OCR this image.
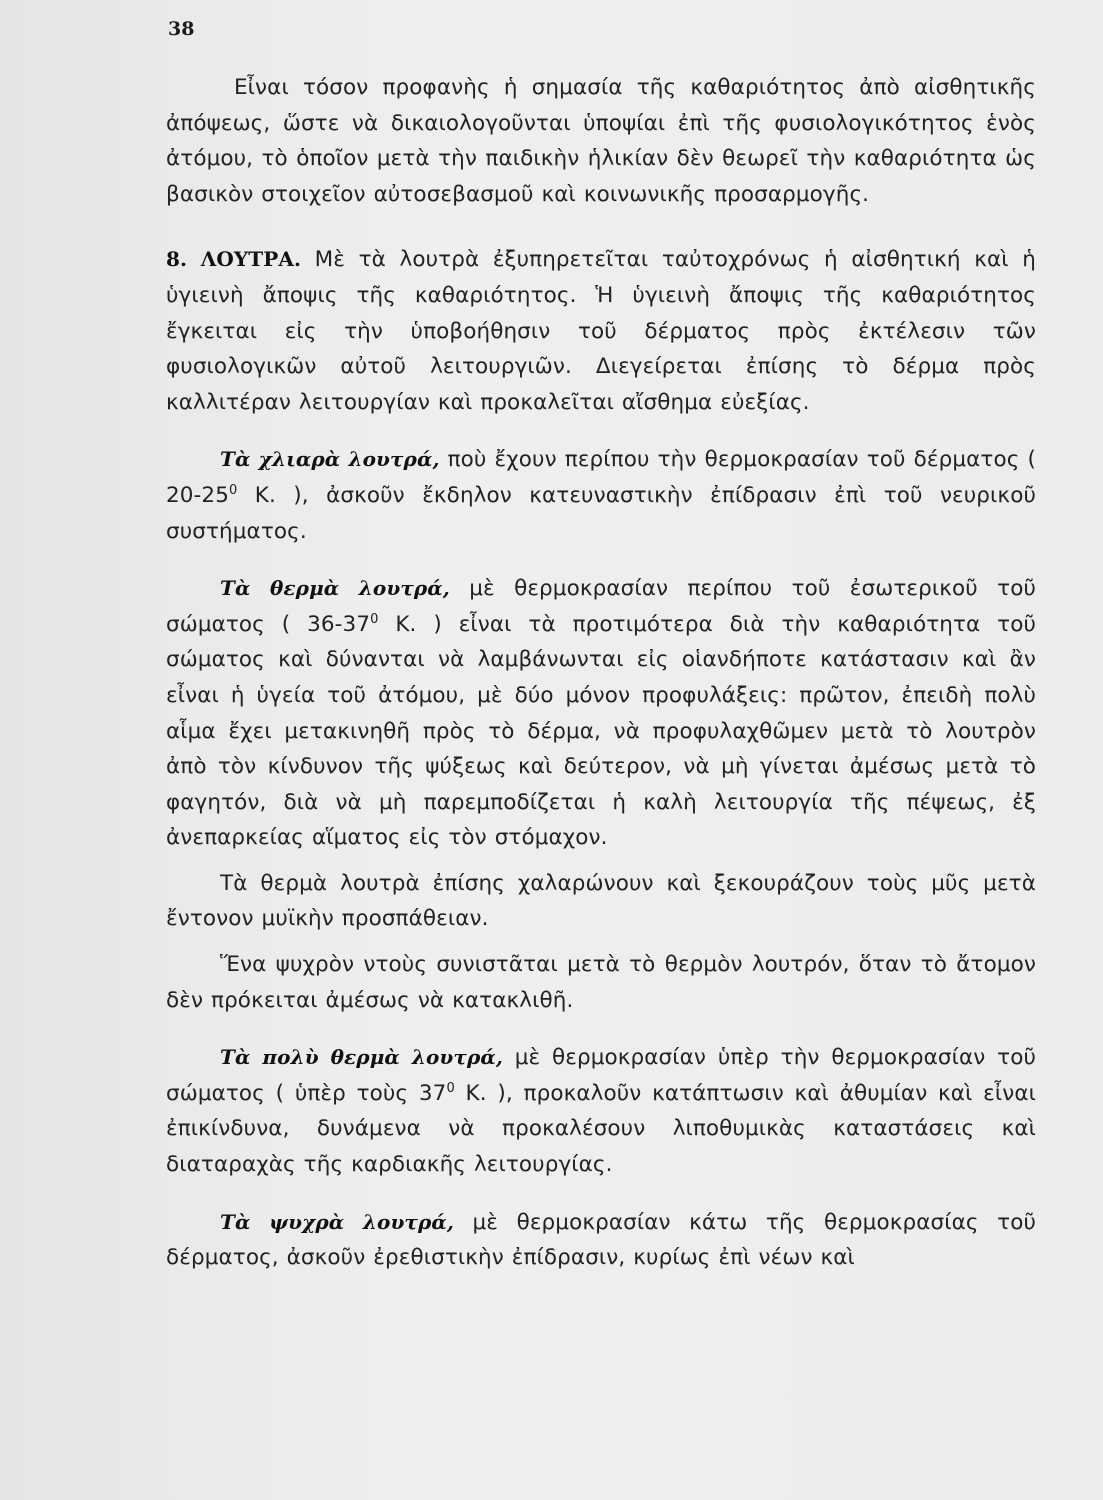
38

Εἶναι τόσον προφανὴς ἡ σημασία τῆς καθαριότητος ἀπὸ αἰσθητικῆς ἀπόψεως, ὥστε νὰ δικαιολογοῦνται ὑποψίαι ἐπὶ τῆς φυσιολογικότητος ἑνὸς ἀτόμου, τὸ ὁποῖον μετὰ τὴν παιδικὴν ἡλικίαν δὲν θεωρεῖ τὴν καθαριότητα ὡς βασικὸν στοιχεῖον αὐτοσεβασμοῦ καὶ κοινωνικῆς προσαρμογῆς.

8. ΛΟΥΤΡΑ. Μὲ τὰ λουτρὰ ἐξυπηρετεῖται ταὐτοχρόνως ἡ αἰσθητική καὶ ἡ ὑγιεινὴ ἄποψις τῆς καθαριότητος. Ἡ ὑγιεινὴ ἄποψις τῆς καθαριότητος ἔγκειται εἰς τὴν ὑποβοήθησιν τοῦ δέρματος πρὸς ἐκτέλεσιν τῶν φυσιολογικῶν αὐτοῦ λειτουργιῶν. Διεγείρεται ἐπίσης τὸ δέρμα πρὸς καλλιτέραν λειτουργίαν καὶ προκαλεῖται αἴσθημα εὐεξίας.

Τὰ χλιαρὰ λουτρά, ποὺ ἔχουν περίπου τὴν θερμοκρασίαν τοῦ δέρματος ( $20-25^0$ Κ. ), ἀσκοῦν ἔκδηλον κατευναστικὴν ἐπίδρασιν ἐπὶ τοῦ νευρικοῦ συστήματος.

Τὰ θερμὰ λουτρά, μὲ θερμοκρασίαν περίπου τοῦ ἐσωτερικοῦ τοῦ σώματος ( $36-37^0$ Κ. ) εἶναι τὰ προτιμότερα διὰ τὴν καθαριότητα τοῦ σώματος καὶ δύνανται νὰ λαμβάνωνται εἰς οἱανδήποτε κατάστασιν καὶ ἂν εἶναι ἡ ὑγεία τοῦ ἀτόμου, μὲ δύο μόνον προφυλάξεις: πρῶτον, ἐπειδὴ πολὺ αἷμα ἔχει μετακινηθῆ πρὸς τὸ δέρμα, νὰ προφυλαχθῶμεν μετὰ τὸ λουτρὸν ἀπὸ τὸν κίνδυνον τῆς ψύξεως καὶ δεύτερον, νὰ μὴ γίνεται ἀμέσως μετὰ τὸ φαγητόν, διὰ νὰ μὴ παρεμποδίζεται ἡ καλὴ λειτουργία τῆς πέψεως, ἐξ ἀνεπαρκείας αἵματος εἰς τὸν στόμαχον.

Τὰ θερμὰ λουτρὰ ἐπίσης χαλαρώνουν καὶ ξεκουράζουν τοὺς μῦς μετὰ ἔντονον μυϊκὴν προσπάθειαν.

Ἕνα ψυχρὸν ντοὺς συνιστᾶται μετὰ τὸ θερμὸν λουτρόν, ὅταν τὸ ἄτομον δὲν πρόκειται ἀμέσως νὰ κατακλιθῆ.

Τὰ πολὺ θερμὰ λουτρά, μὲ θερμοκρασίαν ὑπὲρ τὴν θερμοκρασίαν τοῦ σώματος ( ὑπὲρ τοὺς $37^0$ Κ. ), προκαλοῦν κατάπτωσιν καὶ ἀθυμίαν καὶ εἶναι ἐπικίνδυνα, δυνάμενα νὰ προκαλέσουν λιποθυμικὰς καταστάσεις καὶ διαταραχὰς τῆς καρδιακῆς λειτουργίας.

Τὰ ψυχρὰ λουτρά, μὲ θερμοκρασίαν κάτω τῆς θερμοκρασίας τοῦ δέρματος, ἀσκοῦν ἐρεθιστικὴν ἐπίδρασιν, κυρίως ἐπὶ νέων καὶ
